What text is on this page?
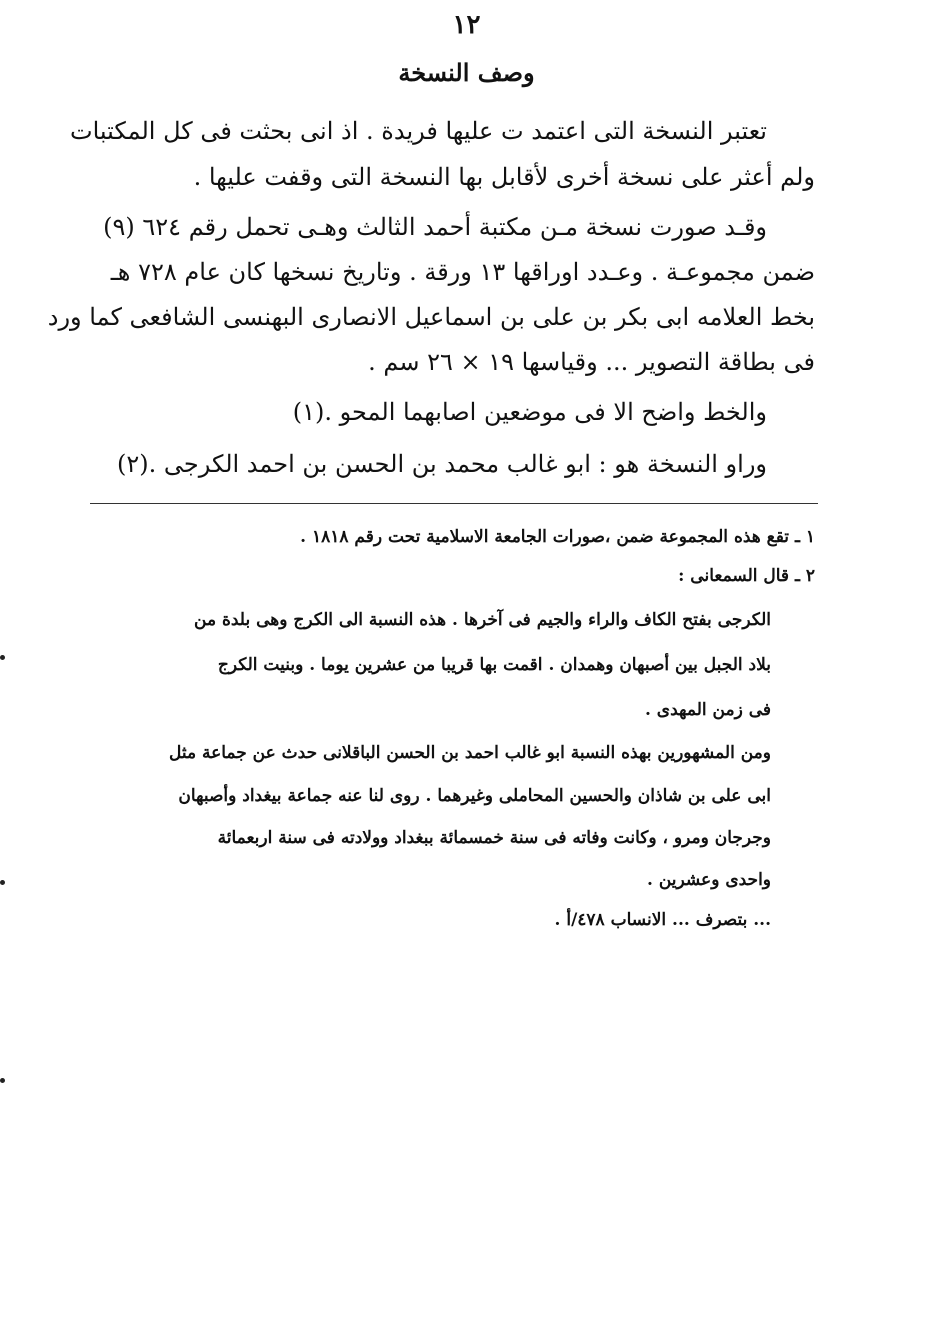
١٢
وصف النسخة
تعتبر النسخة التى اعتمد ت عليها فريدة . اذ انى بحثت فى كل المكتبات
ولم أعثر على نسخة أخرى لأقابل بها النسخة التى وقفت عليها .
وقـد صورت نسخة مـن مكتبة أحمد الثالث وهـى تحمل رقم ٦٢٤ (٩)
ضمن مجموعـة . وعـدد اوراقها ١٣ ورقة . وتاريخ نسخها كان عام ٧٢٨ هـ
بخط العلامه ابى بكر بن على بن اسماعيل الانصارى البهنسى الشافعى كما ورد
فى بطاقة التصوير ... وقياسها ١٩ × ٢٦ سم .
والخط واضح الا فى موضعين اصابهما المحو .(١)
وراو النسخة هو : ابو غالب محمد بن الحسن بن احمد الكرجى .(٢)
١ ـ تقع هذه المجموعة ضمن ،صورات الجامعة الاسلامية تحت رقم ١٨١٨ .
٢ ـ قال السمعانى :
الكرجى بفتح الكاف والراء والجيم فى آخرها . هذه النسبة الى الكرج وهى بلدة من
بلاد الجبل بين أصبهان وهمدان . اقمت بها قريبا من عشرين يوما . وبنيت الكرج
فى زمن المهدى .
ومن المشهورين بهذه النسبة ابو غالب احمد بن الحسن الباقلانى حدث عن جماعة مثل
ابى على بن شاذان والحسين المحاملى وغيرهما . روى لنا عنه جماعة بيغداد وأصبهان
وجرجان ومرو ، وكانت وفاته فى سنة خمسمائة ببغداد وولادته فى سنة اربعمائة
واحدى وعشرين .
... بتصرف ... الانساب ٤٧٨/أ .
